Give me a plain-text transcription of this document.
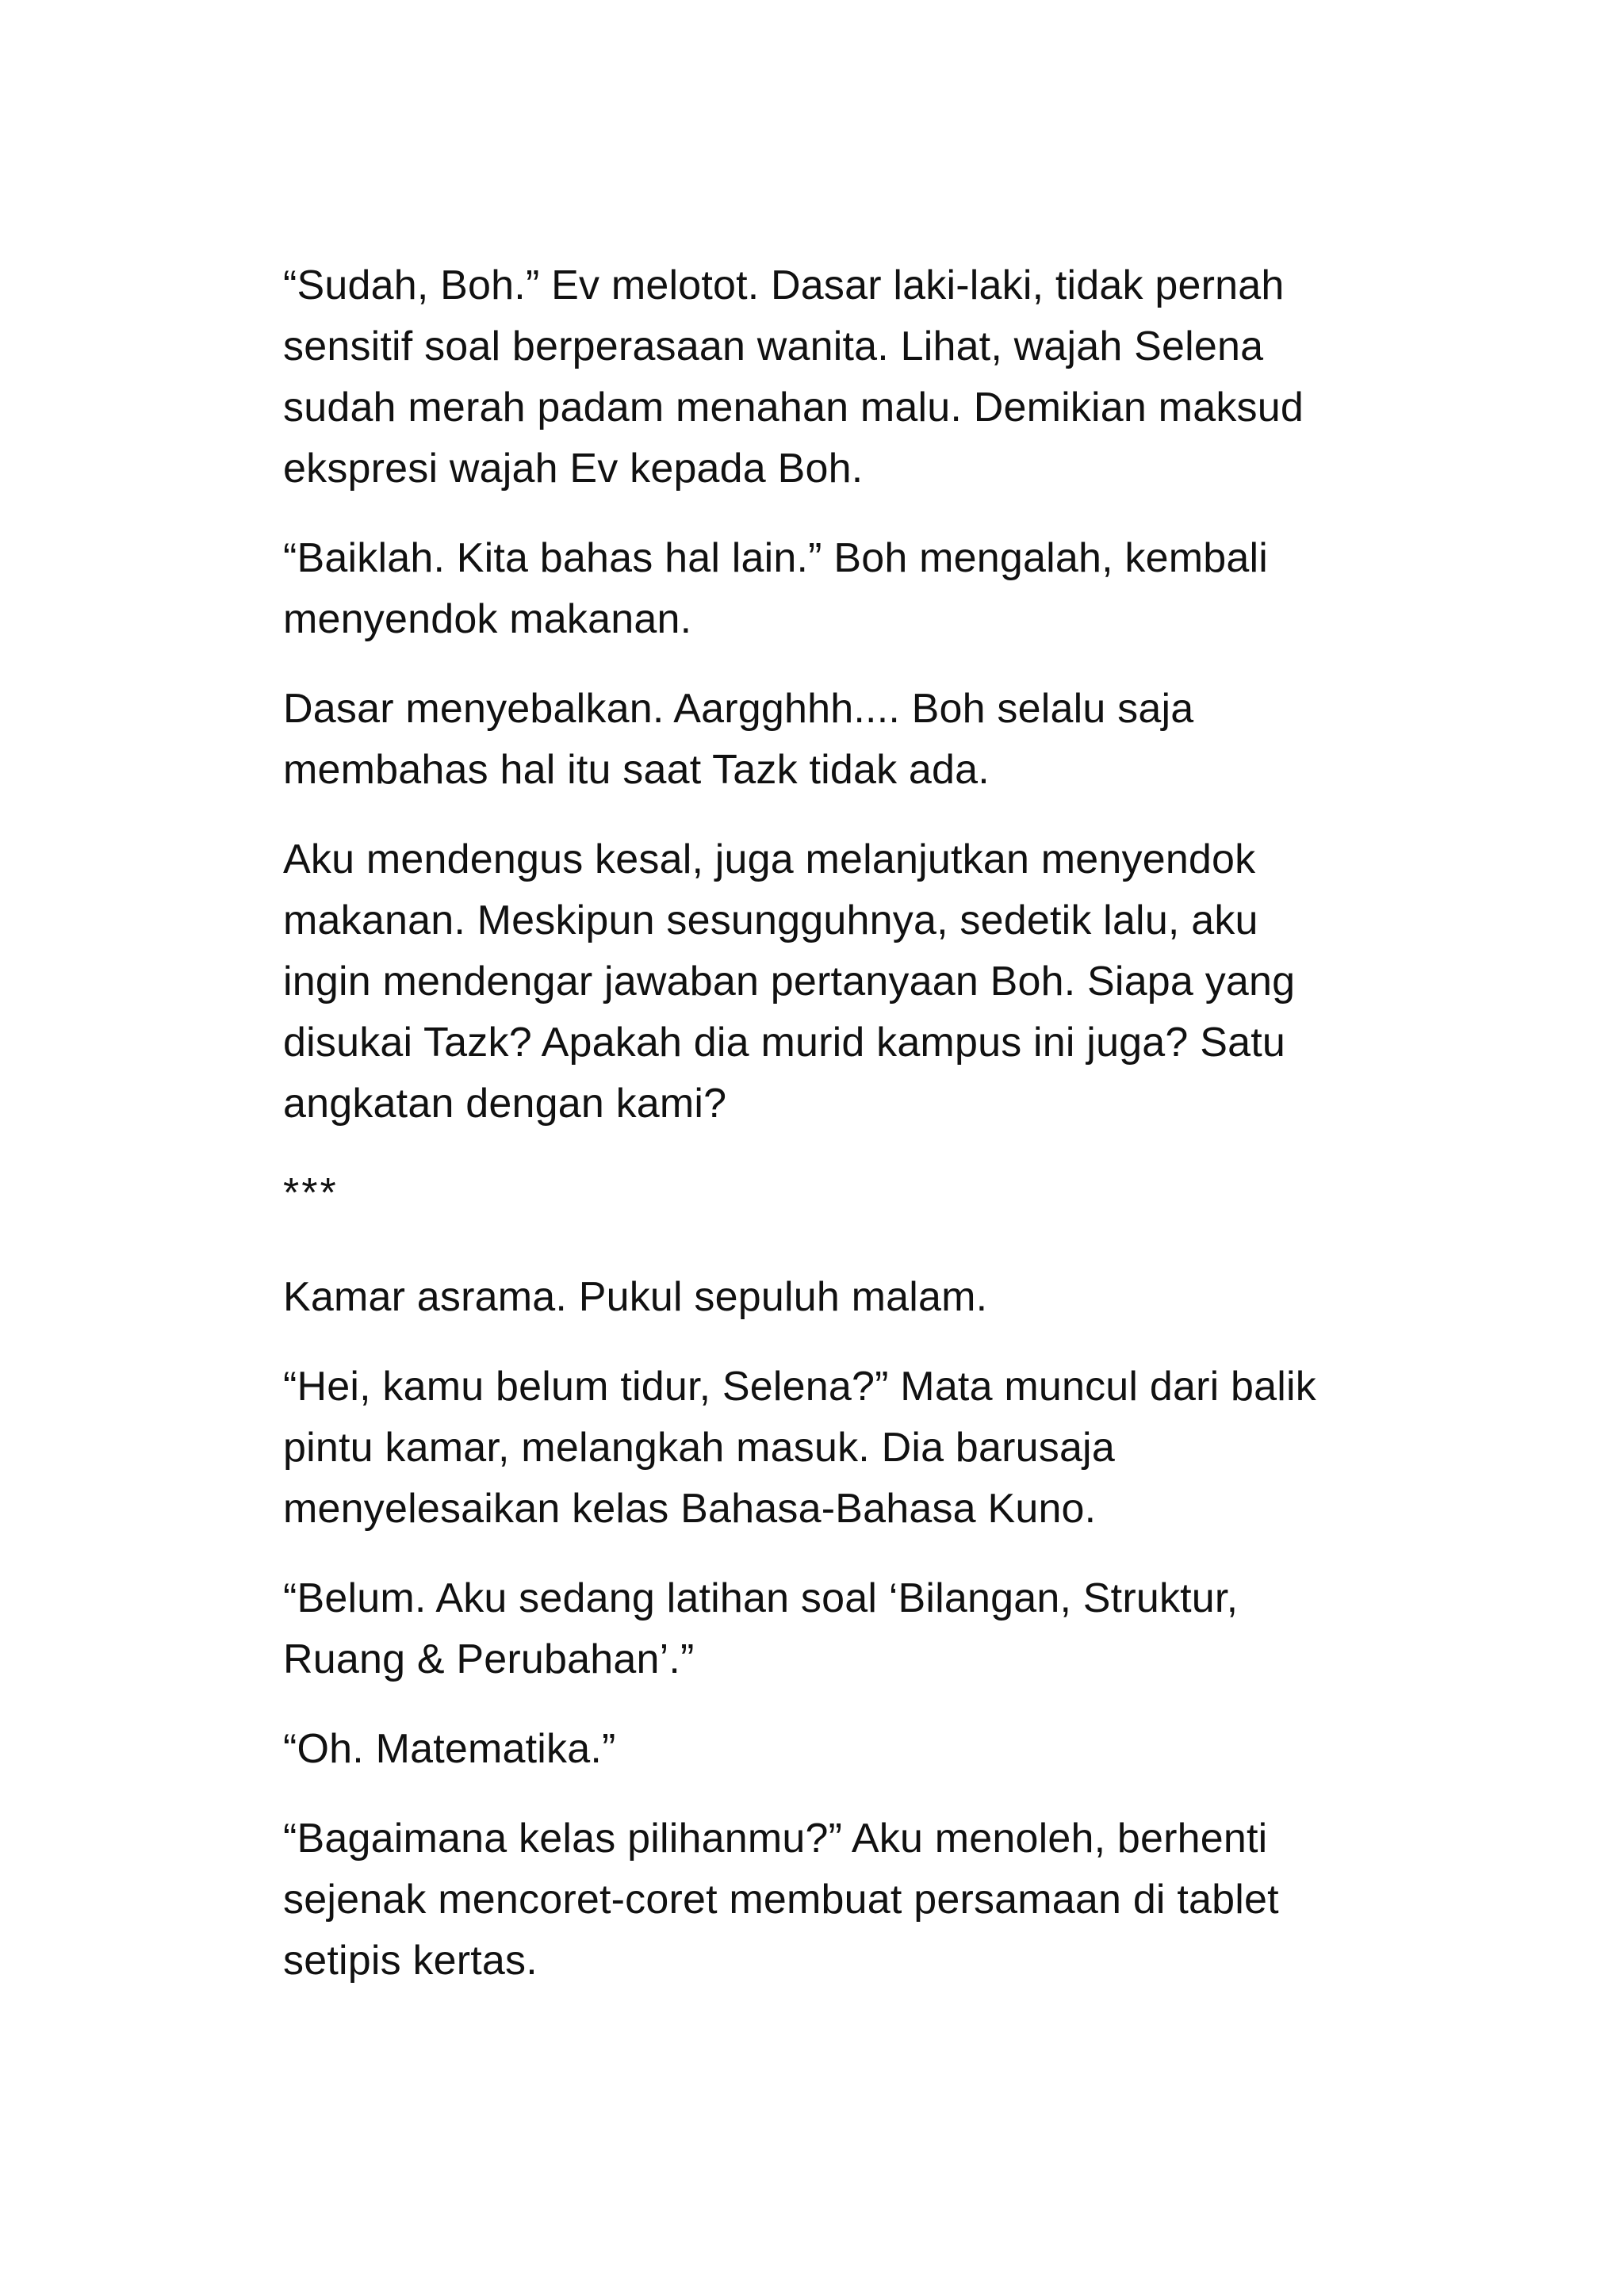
“Sudah, Boh.” Ev melotot. Dasar laki-laki, tidak pernah sensitif soal berperasaan wanita. Lihat, wajah Selena sudah merah padam menahan malu. Demikian maksud ekspresi wajah Ev kepada Boh.

“Baiklah. Kita bahas hal lain.” Boh mengalah, kembali menyendok makanan.

Dasar menyebalkan. Aargghhh.... Boh selalu saja membahas hal itu saat Tazk tidak ada.

Aku mendengus kesal, juga melanjutkan menyendok makanan. Meskipun sesungguhnya, sedetik lalu, aku ingin mendengar jawaban pertanyaan Boh. Siapa yang disukai Tazk? Apakah dia murid kampus ini juga? Satu angkatan dengan kami?

***

Kamar asrama. Pukul sepuluh malam.

“Hei, kamu belum tidur, Selena?” Mata muncul dari balik pintu kamar, melangkah masuk. Dia barusaja menyelesaikan kelas Bahasa-Bahasa Kuno.

“Belum. Aku sedang latihan soal ‘Bilangan, Struktur, Ruang & Perubahan’.”

“Oh. Matematika.”

“Bagaimana kelas pilihanmu?” Aku menoleh, berhenti sejenak mencoret-coret membuat persamaan di tablet setipis kertas.
